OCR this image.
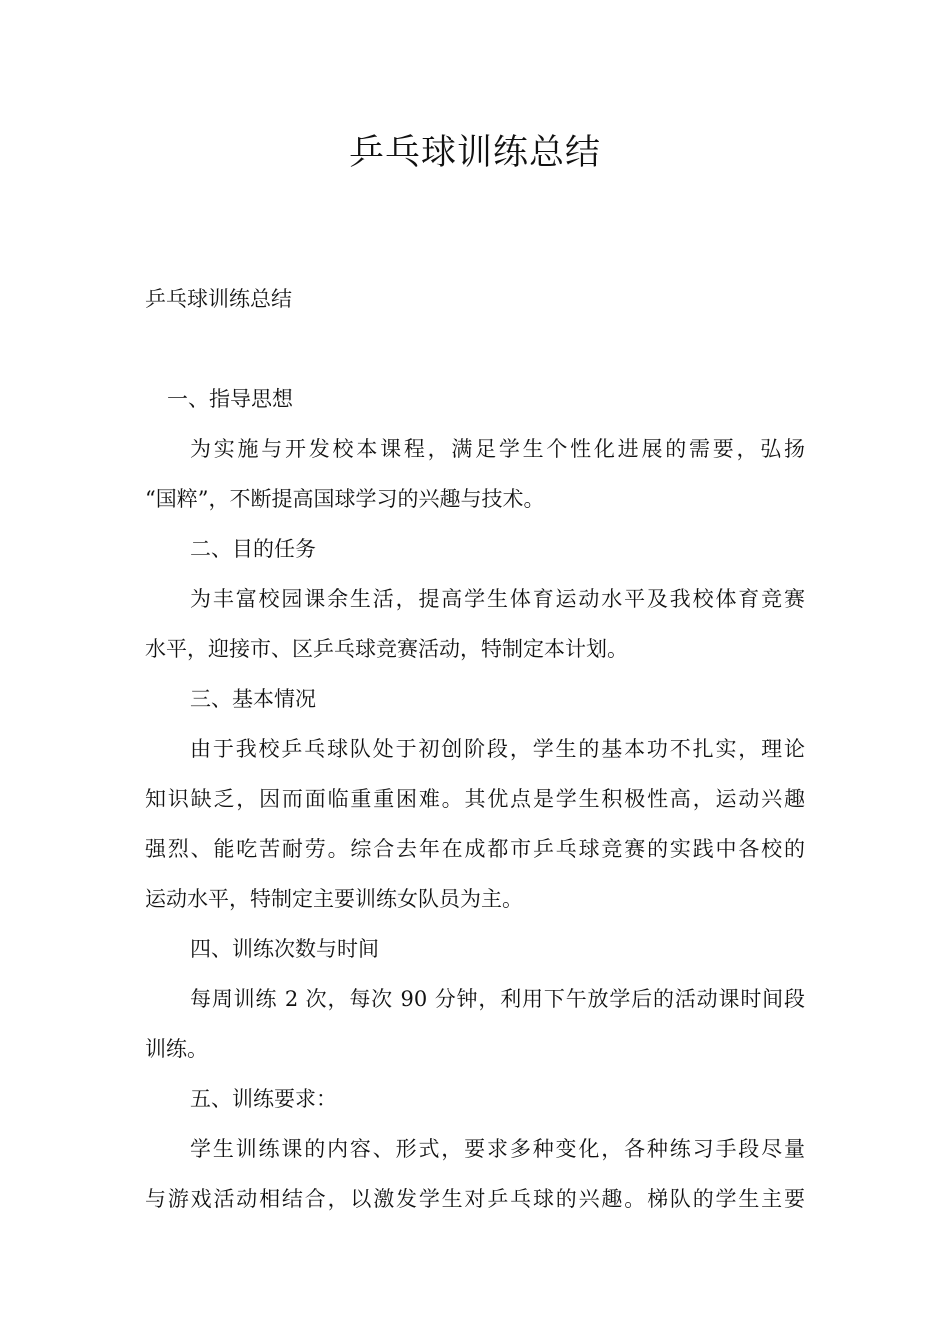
乒乓球训练总结
乒乓球训练总结
一、指导思想
为实施与开发校本课程，满足学生个性化进展的需要，弘扬
“国粹”，不断提高国球学习的兴趣与技术。
二、目的任务
为丰富校园课余生活，提高学生体育运动水平及我校体育竞赛
水平，迎接市、区乒乓球竞赛活动，特制定本计划。
三、基本情况
由于我校乒乓球队处于初创阶段，学生的基本功不扎实，理论
知识缺乏，因而面临重重困难。其优点是学生积极性高，运动兴趣
强烈、能吃苦耐劳。综合去年在成都市乒乓球竞赛的实践中各校的
运动水平，特制定主要训练女队员为主。
四、训练次数与时间
每周训练 2 次，每次 90 分钟，利用下午放学后的活动课时间段
训练。
五、训练要求：
学生训练课的内容、形式，要求多种变化，各种练习手段尽量
与游戏活动相结合，以激发学生对乒乓球的兴趣。梯队的学生主要
